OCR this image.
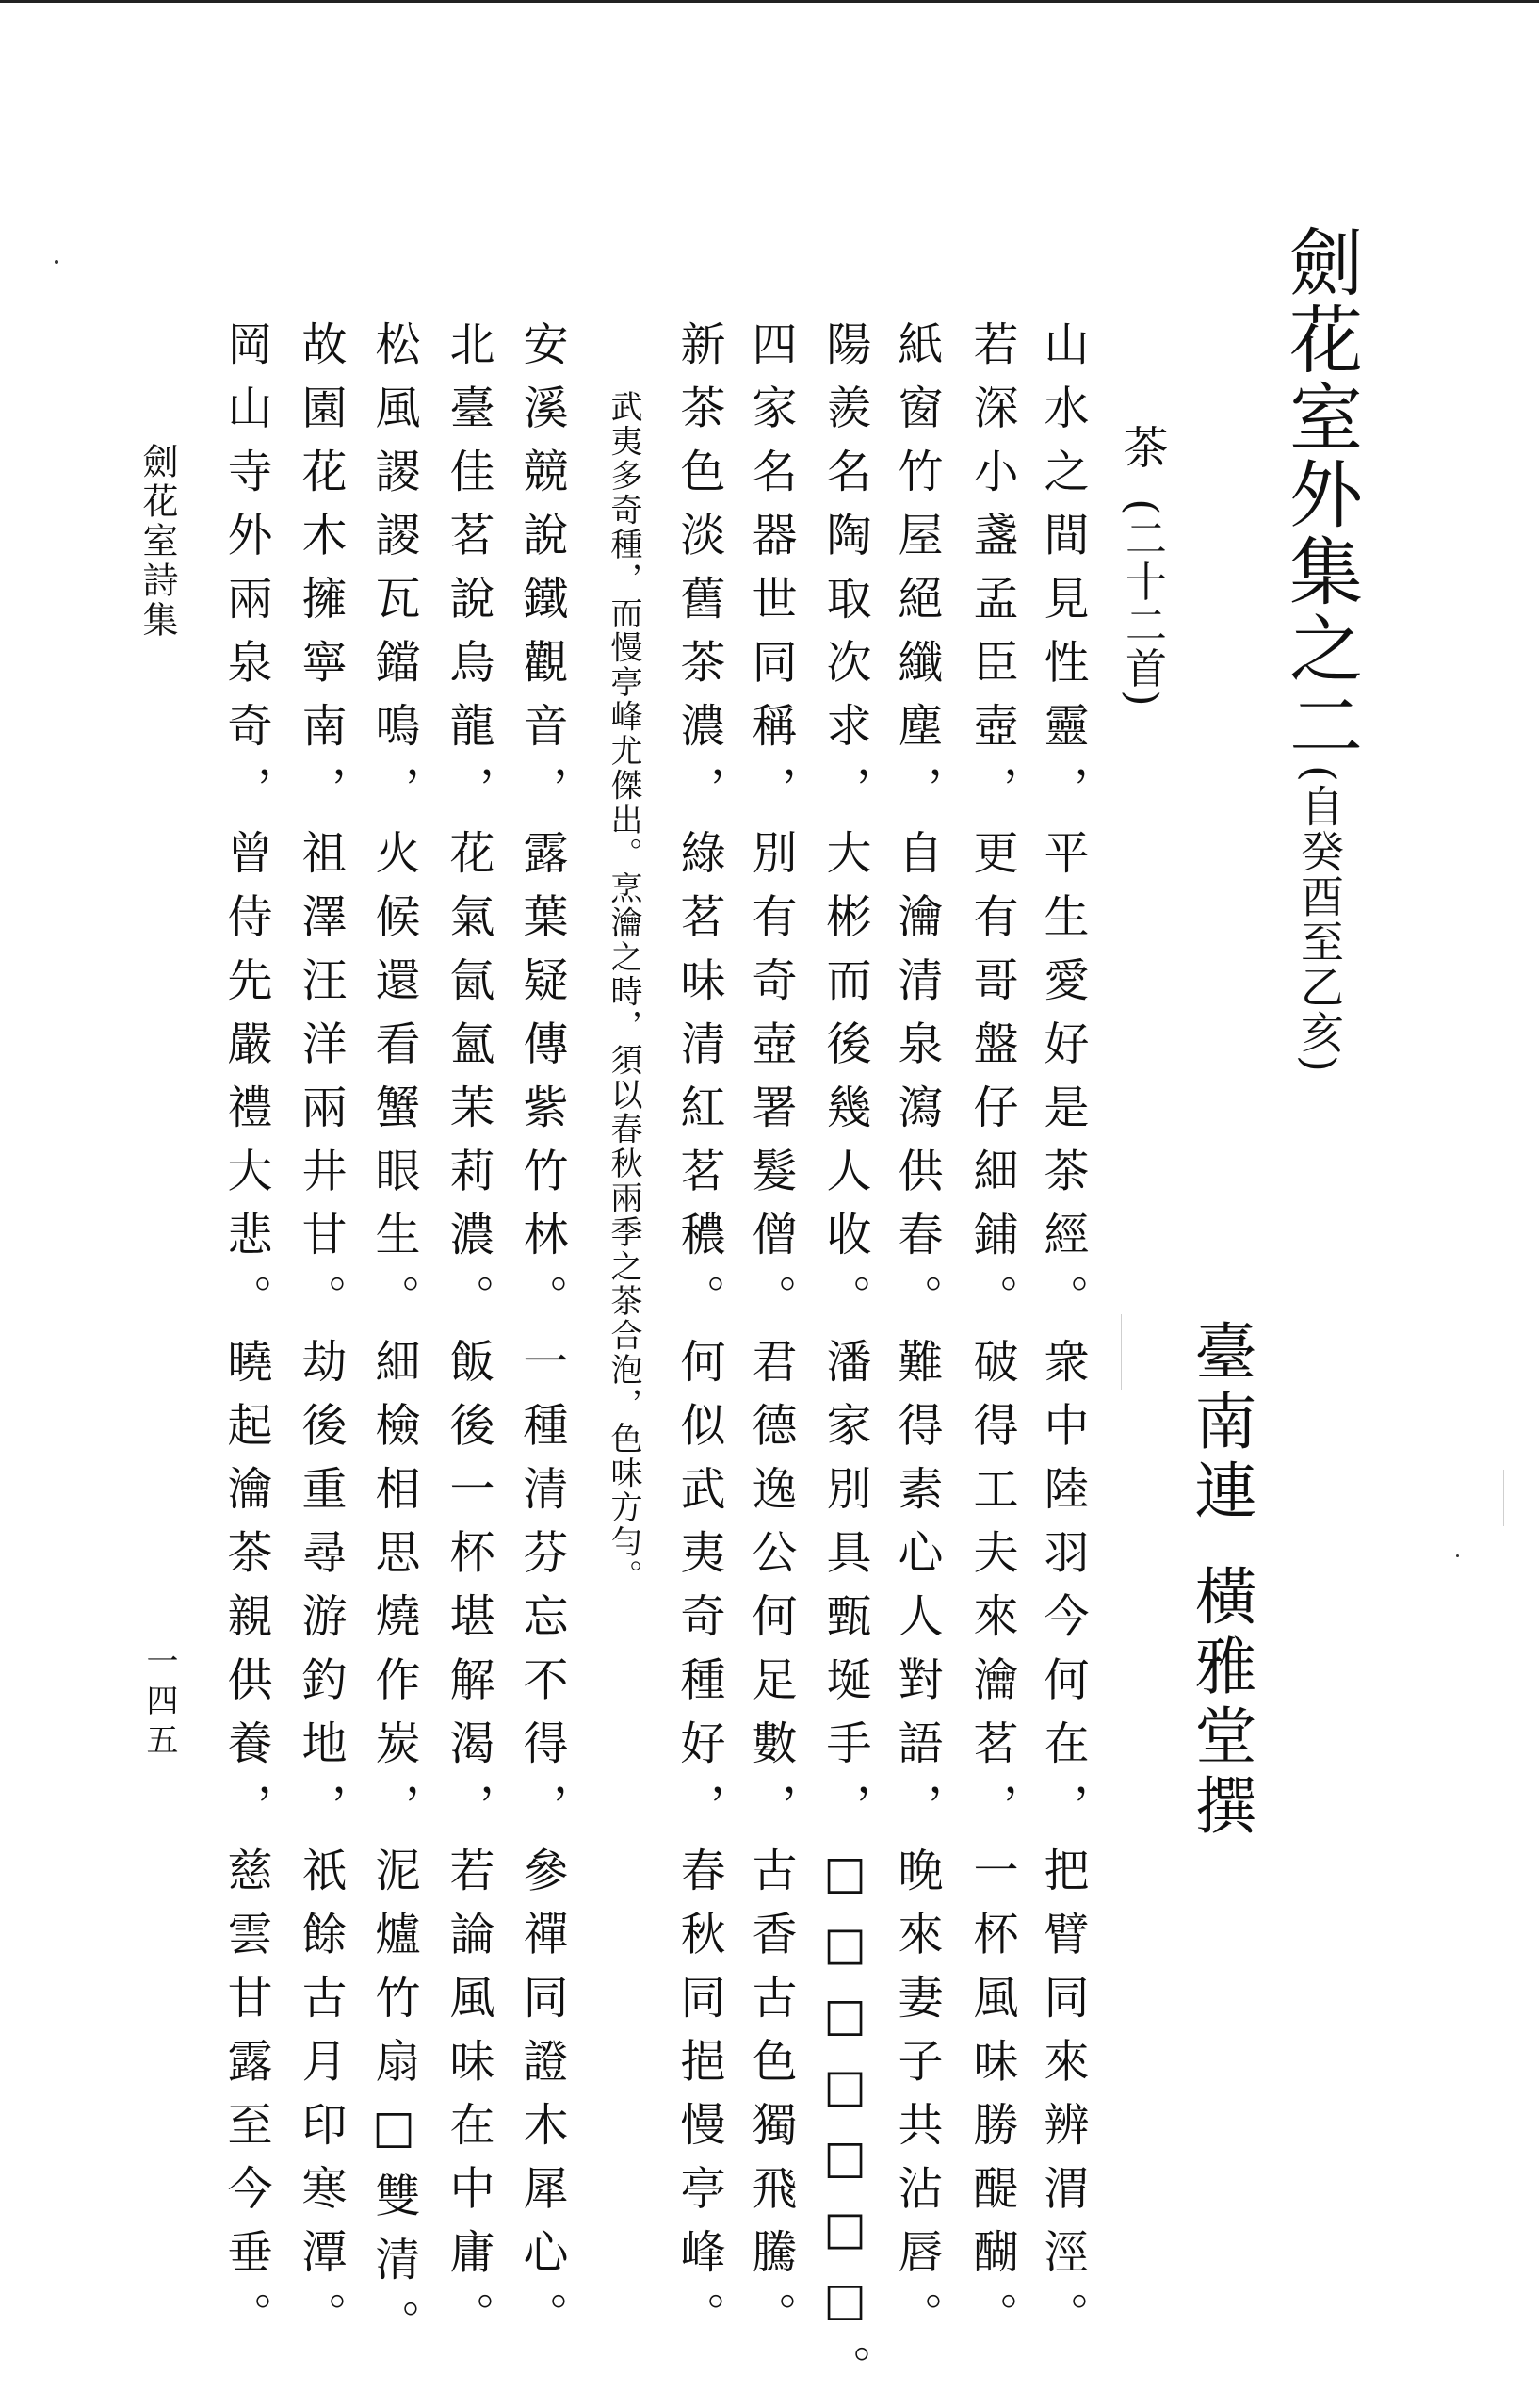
劍花室外集之二(自癸酉至乙亥)
臺南連
橫雅堂撰
茶 (二十二首)
山水之間見性靈，平生愛好是茶經。衆中陸羽今何在，把臂同來辨渭涇。
若深小盞孟臣壺，更有哥盤仔細鋪。破得工夫來瀹茗，一杯風味勝醍醐。
紙窗竹屋絕纖塵，自瀹清泉瀉供春。難得素心人對語，晚來妻子共沾唇。
陽羨名陶取次求，大彬而後幾人收。潘家別具甄埏手，□□□□□□□。
四家名器世同稱，別有奇壺署髮僧。君德逸公何足數，古香古色獨飛騰。
新茶色淡舊茶濃，綠茗味清紅茗穠。何似武夷奇種好，春秋同挹慢亭峰。
武夷多奇種，而慢亭峰尤傑出。烹瀹之時，須以春秋兩季之茶合泡，色味方勻。
安溪競說鐵觀音，露葉疑傳紫竹林。一種清芬忘不得，參禪同證木犀心。
北臺佳茗說烏龍，花氣氤氳茉莉濃。飯後一杯堪解渴，若論風味在中庸。
松風謖謖瓦鐺鳴，火候還看蟹眼生。細檢相思燒作炭，泥爐竹扇□雙清。
故園花木擁寧南，祖澤汪洋兩井甘。劫後重尋游釣地，祇餘古月印寒潭。
岡山寺外兩泉奇，曾侍先嚴禮大悲。曉起瀹茶親供養，慈雲甘露至今垂。
劍花室詩集
一四五
